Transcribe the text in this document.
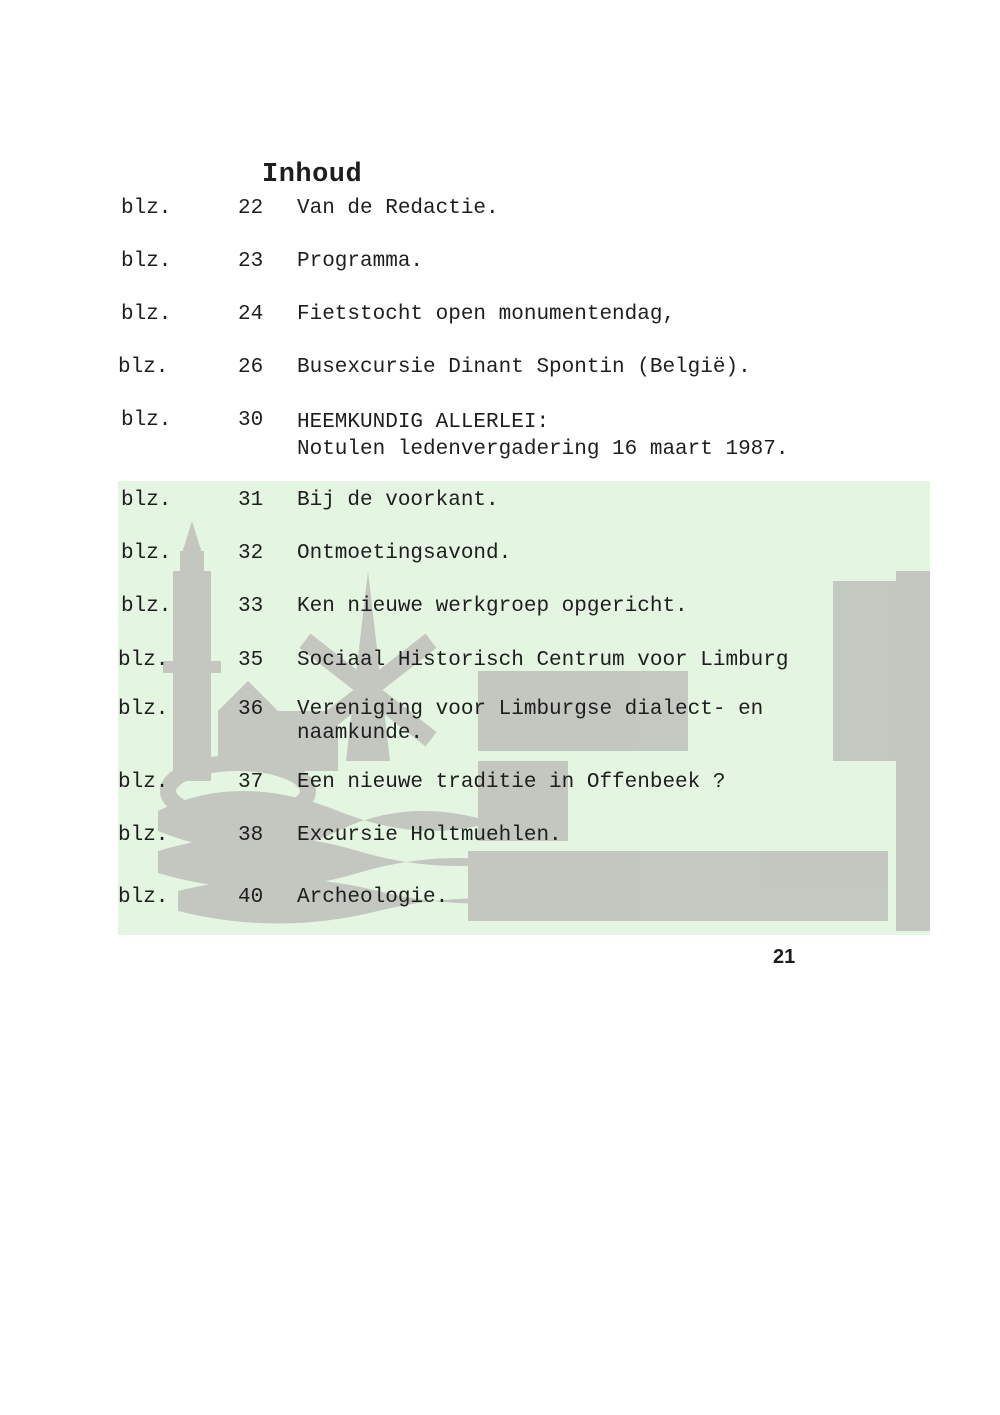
Inhoud
blz.	22 Van de Redactie.
blz.	23 Programma.
blz.	24 Fietstocht open monumentendag,
blz.	26 Busexcursie Dinant Spontin (België).
blz.	30 HEEMKUNDIG ALLERLEI:
Notulen ledenvergadering 16 maart 1987.
blz.	31 Bij de voorkant.
blz.	32 Ontmoetingsavond.
blz.	33 Ken nieuwe werkgroep opgericht.
blz.	35 Sociaal Historisch Centrum voor Limburg
blz.	36 Vereniging voor Limburgse dialect- en
naamkunde.
blz.	37 Een nieuwe traditie in Offenbeek ?
blz.	38 Excursie Holtmuehlen.
blz.	40 Archeologie.
21
